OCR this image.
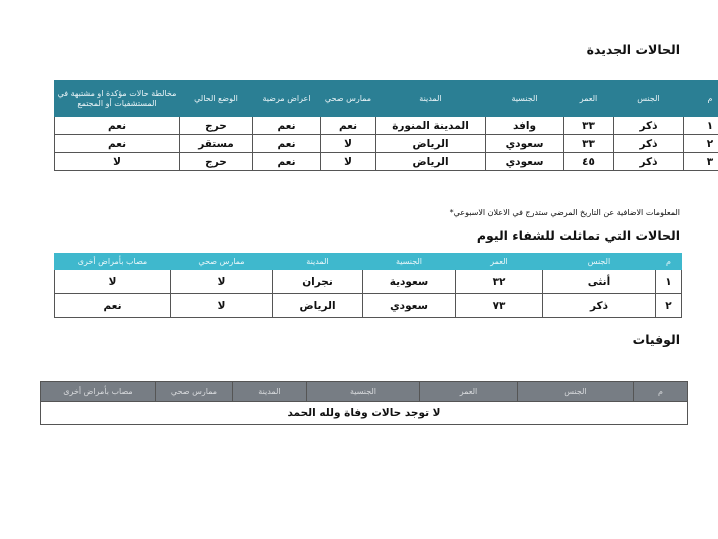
الحالات الجديدة
م	الجنس	العمر	الجنسية	المدينة	ممارس صحي	اعراض مرضية	الوضع الحالي	مخالطة حالات مؤكدة او مشتبهة في المستشفيات أو المجتمع
١	ذكر	٣٣	وافد	المدينة المنورة	نعم	نعم	حرج	نعم
٢	ذكر	٣٣	سعودي	الرياض	لا	نعم	مستقر	نعم
٣	ذكر	٤٥	سعودي	الرياض	لا	نعم	حرج	لا
المعلومات الاضافية عن التاريخ المرضي ستدرج في الاعلان الاسبوعي*
الحالات التي تماثلت للشفاء اليوم
م	الجنس	العمر	الجنسية	المدينة	ممارس صحي	مصاب بأمراض أخرى
١	أنثى	٣٢	سعودية	نجران	لا	لا
٢	ذكر	٧٣	سعودي	الرياض	لا	نعم
الوفيات
م	الجنس	العمر	الجنسية	المدينة	ممارس صحي	مصاب بأمراض أخرى
لا توجد حالات وفاة ولله الحمد
